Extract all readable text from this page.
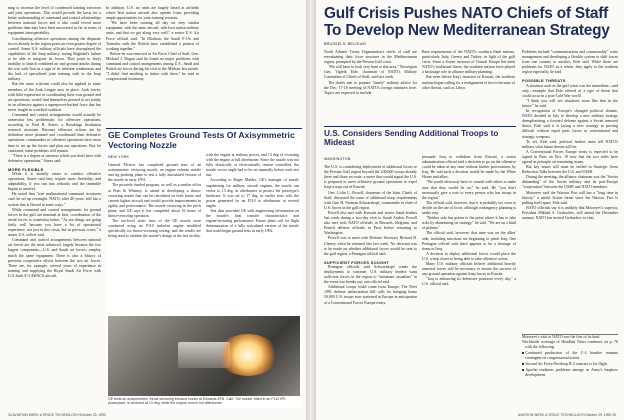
ning to increase the level of condensed training exercises and joint operations. This would provide the basis for a better understanding of command and control relationships between national forces and it also could reveal more problems than may have been uncovered so far in terms of equipment interoperability.

Coordinating offensive operations among the disparate forces already in the region poses an even greater degree of control. Some U.S. military officials have downplayed the capabilities of the Iraqi military, noting Baghdad's failure to be able to integrate its forces. They point to Iraq's inability to launch combined air and ground attacks during the war with Iran as a sign of its inherent weaknesses and the lack of specialized joint training with in the Iraqi military.

But the same criticism could also be applied to some members of the Arab League now in place. Arab forces, with little experience in coordinating their own ground and air operations, would find themselves pressed to act jointly in an offensive against a superpower-backed force that has never fought as a unified coalition.

Command and control arrangements would actually be somewhat less problematic for offensive operations, according to Paul B. Stares, a Brookings Institution research associate. Because offensive actions are by definition more planned and coordinated than defensive operations, commanders of offensive operations have more time to set up the forces and plan out operations. But, he cautioned, some problems will remain.

"There is a degree of cuteness which you don't have with defensive operations," Stares said.

MORE FLEXIBLE

While it is initially easier to conduct offensive operations, Stares said they require more flexibility, and adaptability, if you run into setbacks and the timetable begins to unravel.

He noted that "true multinational command structures can't be set up overnight. NATO, after 40 years, still has a system that is flawed in some ways."

While command and control arrangements for ground forces in the gulf are minimal at best, coordination of the aerial forces is somewhat better. "At sea things are going fairly well because you have a lot of operational experience, not just in this crisis, but in previous crises," a senior U.S. officer said.

Command and control arrangements between national air forces are the most advanced, largely because the two largest components—U.S. and Saudi air forces—employ much the same equipment. There is also a history of previous cooperative efforts between the two air forces. There are, for example, several years of experience in training and supplying the Royal Saudi Air Force with U.S.-built E-3 AWACS aircraft.

In addition, U.S. air units are largely based at airfields where host nation aircraft also operate from, providing ample opportunities for joint training sessions.

"We have been training all day on very similar equipment, with the same aircraft, with host nation military units, and that we get along very well," a senior U.S. Air Force official said. "In Dhahran, the Saudi F-15s and Tornados with the British have established a pattern of working together."

Before he was removed as Air Force Chief of Staff, Gen. Michael J. Dugan said he found no major problems with command and control arrangements among U.S., Saudi and British air forces during his visit to the Mideast last month. "I didn't find anything to tinker with there," he said in congressional testimony.

GE Completes Ground Tests Of Axisymmetric Vectoring Nozzle

NEW YORK

General Electric has completed ground tests of an axisymmetric vectoring nozzle, an engine exhaust nozzle and rig pitching plane to test a fully articulated version of the nozzle in early 1991.

The privately funded program, as well as a similar effort at Pratt & Whitney, is aimed at developing a thrust-vectoring nozzle that can be retrofitted on both future and current fighter aircraft and would provide improvements in agility and performance. The nozzle vectoring in the pitch plane, and GE says it has completed about 16 hours of thrust-vectoring operation.

The sea-level static tests of the GE nozzle were conducted using an F110 turbofan engine modified specifically for thrust-vectoring testing, and the results are being used to validate the nozzle's design at the test facility.

with the engine at military power, and 13 deg of vectoring with the engine at full afterburner. Since the nozzle was not fully drastically or electronically remote controlled, the nozzle vector angle had to be set manually before each test run.

According to Roger Mulder, GE's manager of nozzle engineering for military aircraft engines, the nozzle can vector to 13 deg. in afterburner to protect the prototype's hardware. It was set to 17 deg. in earlier tests with the power generated by an F110 to afterburner at several angles.

Test data provided GE with engineering information on the nozzle's heat transfer characteristics and engine/vectoring performance. Future plans call for flight demonstration of a fully articulated version of the nozzle that could begin ground tests in early 1992.

GE tests an axisymmetric, thrust-vectoring exhaust nozzle at Edwards AFB, Calif. The nozzle, fitted to an F110 IPE powerplant, is vectored at 13 deg. while the engine runs in full afterburner.
34 AVIATION WEEK & SPACE TECHNOLOGY/October 29, 1990
Gulf Crisis Pushes NATO Chiefs of Staff To Develop New Mediterranean Strategy
BRUSSELS, BELGIUM

North Atlantic Treaty Organization's chiefs of staff are reevaluating their force structure in the Mediterranean region, prompted by the Persian Gulf crisis.

"We will have to look very hard at that area," Norwegian Gen. Vigleik Eide, chairman of NATO's Military Committee of Chiefs of Staff, said last week.

The chiefs met to prepare "timely" military advice for the Dec. 17-18 meeting of NATO's foreign ministers here. Topics are expected to include:

Base requirements of the NATO's southern flank nations, particularly Italy, Greece and Turkey, in light of the gulf crisis. Since a Soviet invasion of Central Europe has been NATO's traditional threat, the southern nations have played a backstage role in alliance military planning.

But even before Iraq's invasion of Kuwait, the southern nations began calling for a realignment of forces because of other threats, such as Libya.

Problems include "communications and commonality" crisis management and developing a flexible system to shift forces from one country to another, Eide said. While these are problems for NATO as a whole, they apply to the southern region especially, he said.

POSSIBLE THREATS

A situation such as the gulf crisis was the immediate—and only—example that Eide offered of a type of threat that could occur in a post-Cold War world.

"I think you will see situations more like that in the future," he said.

In recognition of Europe's changed political climate, NATO decided in July to develop a new military strategy deemphasizing a forward defense against a Soviet armored thrust, Eide said it is laying a new strategy in proving difficult without equal parts forces in conventional and strategic weapons.

To set, Eide said, political leaders must tell NATO's military what future threats will be.

A Conventional Forces Europe treaty is expected to be signed in Paris on Nov. 19 now that the two sides have agreed in principle on remaining issues.

But key issues still must be settled in Strategic Arms Reduction Talks between the U.S. and USSR.

During the meeting, the alliance chairman was the "Soviet disbanding" of the Soviet military and its post-Europe "cooperation" between the USSR and NATO members.

Moiseyev said the Warsaw Pact still has a "long time in history," a useful Soviet threat since the Warsaw Pact is pulling itself apart, Eide said.

NATO officials say it is unlikely that Moiseyev's superior, President Mikhail S. Gorbachev, will attend the December summit. NATO has invited Gorbachev to visit.

U.S. Considers Sending Additional Troops to Mideast

WASHINGTON

The U.S. is considering deployment of additional forces to the Persian Gulf region beyond the 240,000 troops already there and those en route, a move that would signal the U.S. is prepared to meet offensive ground operations to expel Iraqi troops out of Kuwait.

Gen. Colin L. Powell, chairman of the Joint Chiefs of Staff, discussed the issue of additional troop requirements with Gen. H. Norman Schwarzkopf, commander in chief of U.S. forces in the gulf region.

Powell also met with Kuwaiti and senior Saudi leaders last week during a two-day visit to Saudi Arabia. Powell also met with NATO officials in Brussels, Belgium, and French defense officials in Paris before returning to Washington.

Powell was to meet with Defense Secretary Richard B. Cheney when he returned late last week. No decision was to be made on whether additional forces would be sent to the gulf region, a Pentagon official said.

SUFFICIENT FORCES SOUGHT

Pentagon officials said Schwarzkopf wants the deployments to continue. U.S. military leaders want sufficient forces in the region to "minimize casualties" in the event war breaks out, one official said.

Additional troops could come from Europe. The Fleet 1991 defense authorization bill calls for bringing home 50,000 U.S. troops now stationed in Europe in anticipation of a Conventional Forces Europe treaty.

persuade Iraq to withdraw from Kuwait, a senior administration official said a decision to go on the offensive could be taken at any time without further provocations by Iraq. He said such a decision would be made by the White House and allies.

"We would obviously have to consult with others to make sure that they would be on," he said. He "you don't necessarily give a vote to every person who has troops in the region."

The official said, however, that it is probably too soon to decide on the use of force, although contingency planning is under way.

"Neither side has gotten to the point where it has to take risks by abandoning its strategy," he said. "We are on a kind of plateau."

The official said, however, that time was on the allies' side, including sanctions are beginning to pinch Iraq. One Pentagon official said there appears to be a shortage of items in Iraq.

A decision to deploy additional forces would place the U.S. a step closer to being able to take offensive action.

Many U.S. military officials believe additional heavily armored forces will be necessary to ensure the success of any ground operation against Iraqi forces in Kuwait.

"Iraq is enhancing its defensive positions every day," a U.S. official said.

Moiseyev's visit to NATO was the first of its kind.

Worldwide coverage of Headline News continues on p. 76 with the following:
Continued production of the C-2 bomber remains contingent on congressional action.
Second Air Force/Northrop B-2 contract is for flight.
Apache readiness problems emerge as Army's longbow development.
AVIATION WEEK & SPACE TECHNOLOGY/October 29, 1990 25
